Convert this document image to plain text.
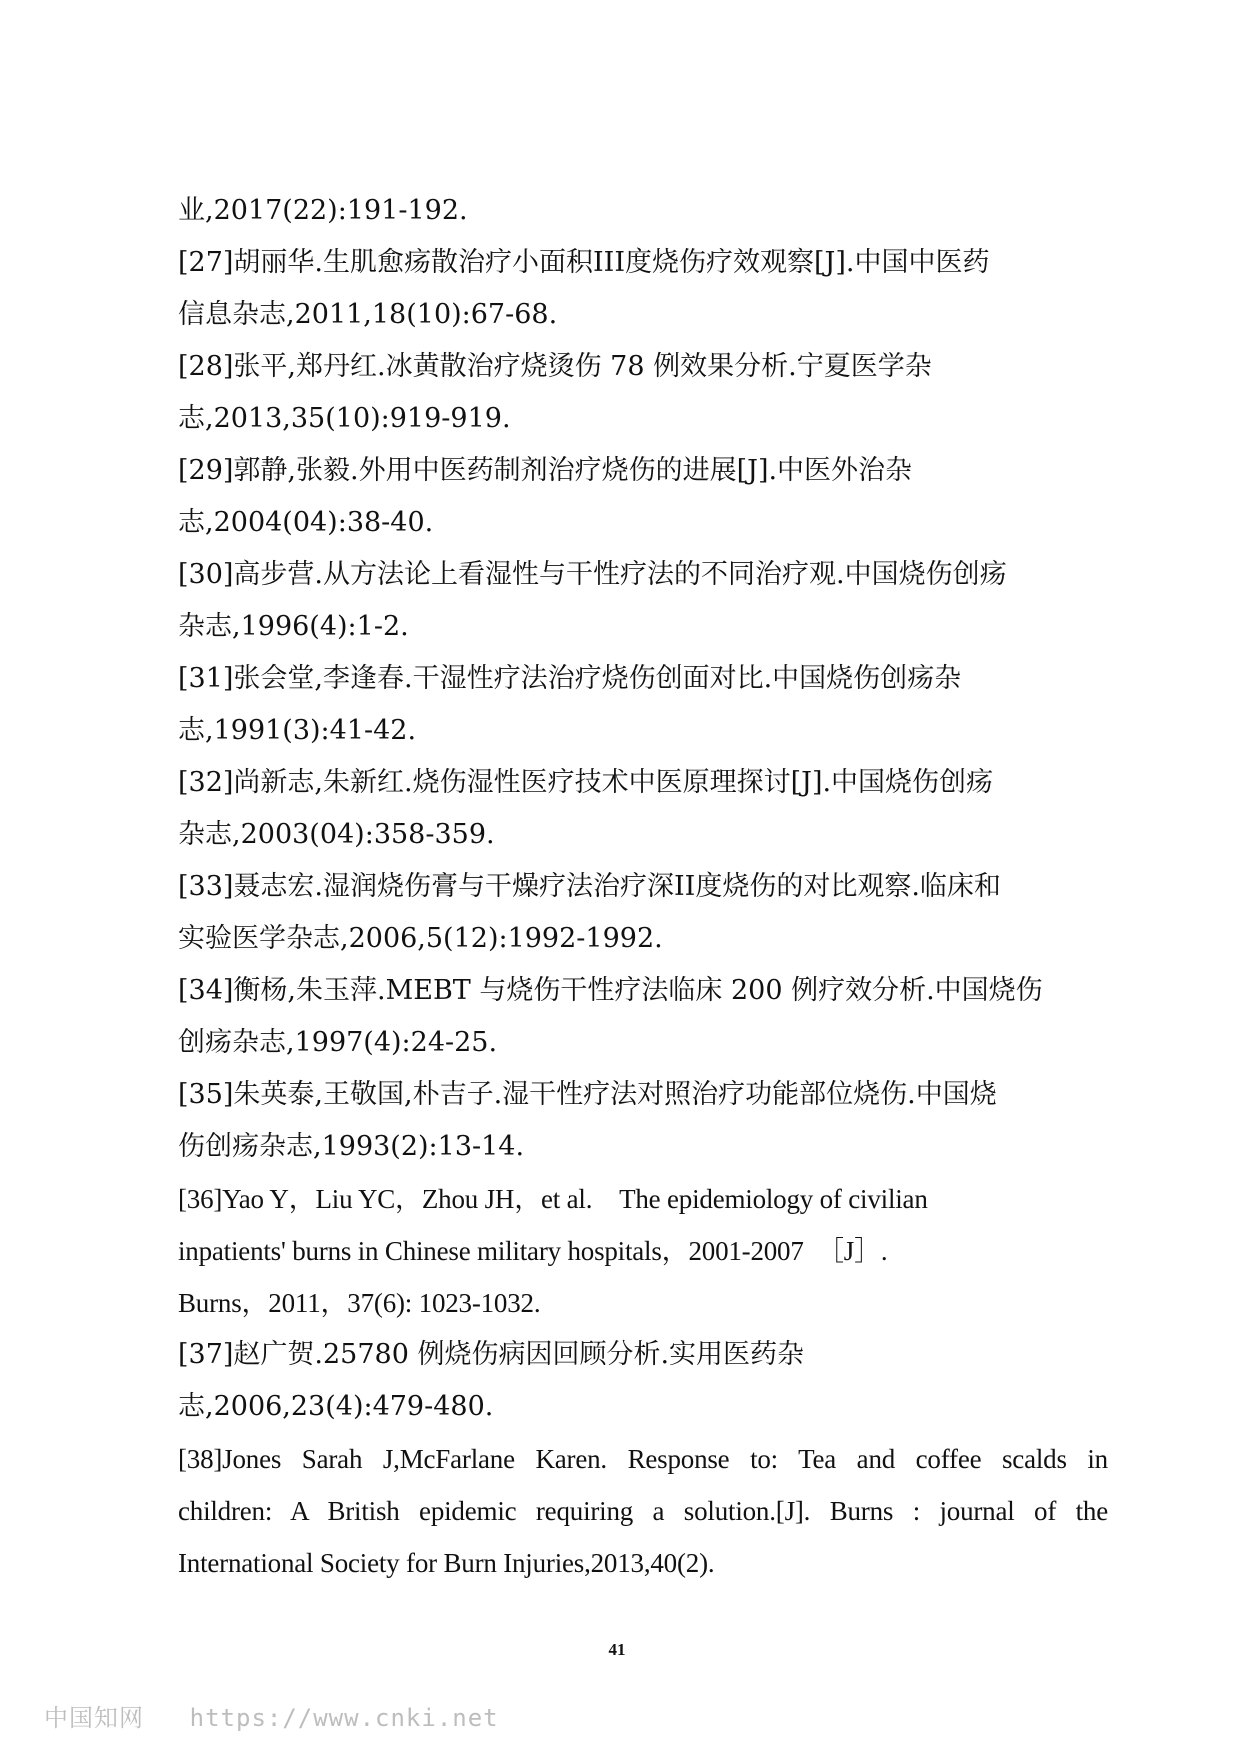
业,2017(22):191-192.
[27]胡丽华.生肌愈疡散治疗小面积III度烧伤疗效观察[J].中国中医药
信息杂志,2011,18(10):67-68.
[28]张平,郑丹红.冰黄散治疗烧烫伤 78 例效果分析.宁夏医学杂
志,2013,35(10):919-919.
[29]郭静,张毅.外用中医药制剂治疗烧伤的进展[J].中医外治杂
志,2004(04):38-40.
[30]高步营.从方法论上看湿性与干性疗法的不同治疗观.中国烧伤创疡
杂志,1996(4):1-2.
[31]张会堂,李逢春.干湿性疗法治疗烧伤创面对比.中国烧伤创疡杂
志,1991(3):41-42.
[32]尚新志,朱新红.烧伤湿性医疗技术中医原理探讨[J].中国烧伤创疡
杂志,2003(04):358-359.
[33]聂志宏.湿润烧伤膏与干燥疗法治疗深II度烧伤的对比观察.临床和
实验医学杂志,2006,5(12):1992-1992.
[34]衡杨,朱玉萍.MEBT 与烧伤干性疗法临床 200 例疗效分析.中国烧伤
创疡杂志,1997(4):24-25.
[35]朱英泰,王敬国,朴吉子.湿干性疗法对照治疗功能部位烧伤.中国烧
伤创疡杂志,1993(2):13-14.
[36]Yao Y，Liu YC，Zhou JH，et al.　The epidemiology of civilian
inpatients' burns in Chinese military hospitals，2001-2007　［J］.
Burns，2011，37(6): 1023-1032.
[37]赵广贺.25780 例烧伤病因回顾分析.实用医药杂
志,2006,23(4):479-480.
[38]Jones Sarah J,McFarlane Karen. Response to: Tea and coffee scalds in
children: A British epidemic requiring a solution.[J]. Burns : journal of the
International Society for Burn Injuries,2013,40(2).
41
中国知网 https://www.cnki.net
